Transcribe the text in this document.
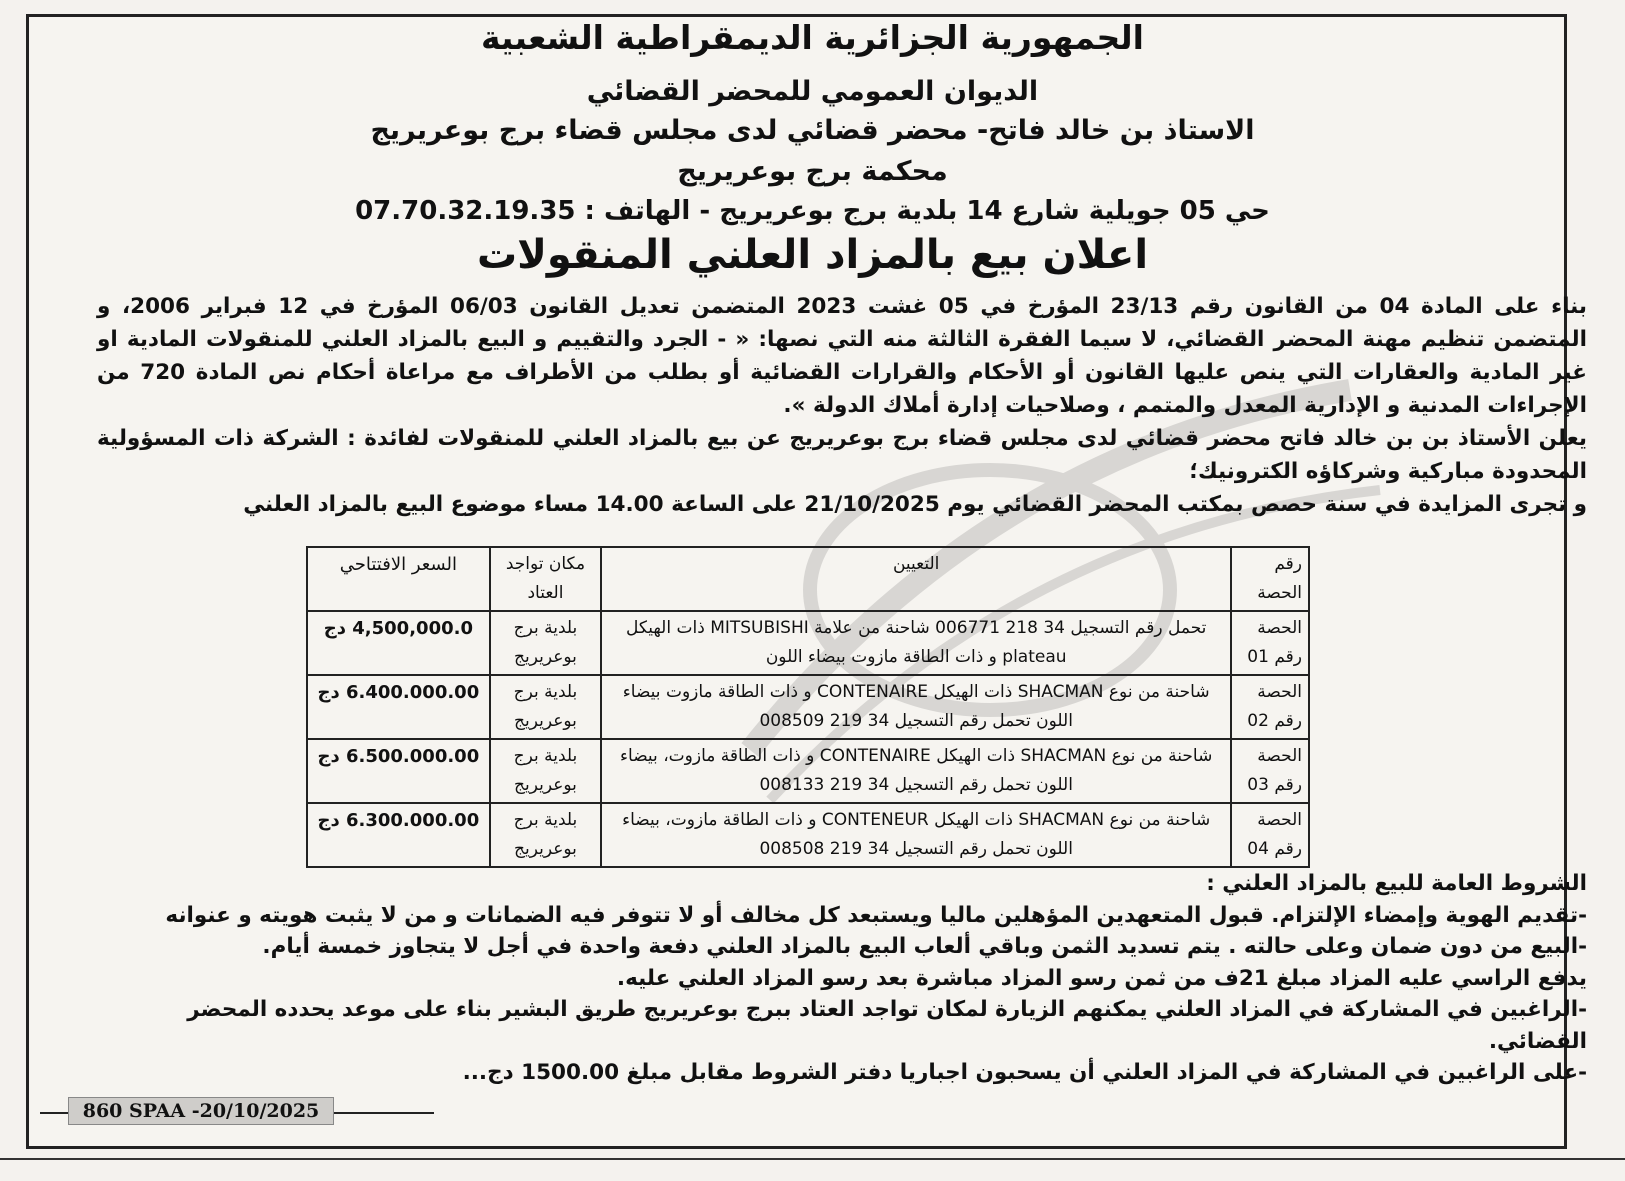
الجمهورية الجزائرية الديمقراطية الشعبية
الديوان العمومي للمحضر القضائي
الاستاذ بن خالد فاتح- محضر قضائي لدى مجلس قضاء برج بوعريريج
محكمة برج بوعريريج
حي 05 جويلية شارع 14 بلدية برج بوعريريج - الهاتف : 07.70.32.19.35
اعلان بيع بالمزاد العلني المنقولات

بناء على المادة 04 من القانون رقم 23/13 المؤرخ في 05 غشت 2023 المتضمن تعديل القانون 06/03 المؤرخ في 12 فبراير 2006، و المتضمن تنظيم مهنة المحضر القضائي، لا سيما الفقرة الثالثة منه التي نصها: « - الجرد والتقييم و البيع بالمزاد العلني للمنقولات المادية او غير المادية والعقارات التي ينص عليها القانون أو الأحكام والقرارات القضائية أو بطلب من الأطراف مع مراعاة أحكام نص المادة 720 من الإجراءات المدنية و الإدارية المعدل والمتمم ، وصلاحيات إدارة أملاك الدولة ».

يعلن الأستاذ بن بن خالد فاتح محضر قضائي لدى مجلس قضاء برج بوعريريج عن بيع بالمزاد العلني للمنقولات لفائدة : الشركة ذات المسؤولية المحدودة مباركية وشركاؤه الكترونيك؛

و تجرى المزايدة في سنة حصص بمكتب المحضر القضائي يوم 21/10/2025 على الساعة 14.00 مساء موضوع البيع بالمزاد العلني

رقم الحصة	التعيين	مكان تواجد العتاد	السعر الافتتاحي
الحصة رقم 01	تحمل رقم التسجيل 34 218 006771 شاحنة من علامة MITSUBISHI ذات الهيكل plateau و ذات الطاقة مازوت بيضاء اللون	بلدية برج بوعريريج	4,500,000.0 دج
الحصة رقم 02	شاحنة من نوع SHACMAN ذات الهيكل CONTENAIRE و ذات الطاقة مازوت بيضاء اللون تحمل رقم التسجيل 34 219 008509	بلدية برج بوعريريج	6.400.000.00 دج
الحصة رقم 03	شاحنة من نوع SHACMAN ذات الهيكل CONTENAIRE و ذات الطاقة مازوت، بيضاء اللون تحمل رقم التسجيل 34 219 008133	بلدية برج بوعريريج	6.500.000.00 دج
الحصة رقم 04	شاحنة من نوع SHACMAN ذات الهيكل CONTENEUR و ذات الطاقة مازوت، بيضاء اللون تحمل رقم التسجيل 34 219 008508	بلدية برج بوعريريج	6.300.000.00 دج

الشروط العامة للبيع بالمزاد العلني :

-تقديم الهوية وإمضاء الإلتزام. قبول المتعهدين المؤهلين ماليا ويستبعد كل مخالف أو لا تتوفر فيه الضمانات و من لا يثبت هويته و عنوانه

-البيع من دون ضمان وعلى حالته . يتم تسديد الثمن وباقي ألعاب البيع بالمزاد العلني دفعة واحدة في أجل لا يتجاوز خمسة أيام.

يدفع الراسي عليه المزاد مبلغ 21ف من ثمن رسو المزاد مباشرة بعد رسو المزاد العلني عليه.

-الراغبين في المشاركة في المزاد العلني يمكنهم الزيارة لمكان تواجد العتاد ببرج بوعريريج طريق البشير بناء على موعد يحدده المحضر القضائي.

-على الراغبين في المشاركة في المزاد العلني أن يسحبون اجباريا دفتر الشروط مقابل مبلغ 1500.00 دج...

860 SPAA -20/10/2025
